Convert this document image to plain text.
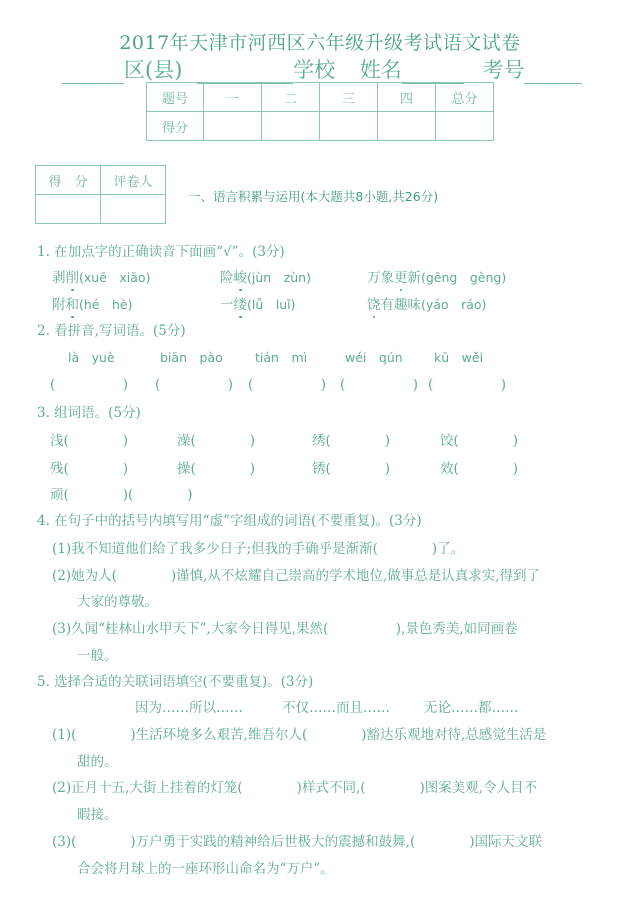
2017年天津市河西区六年级升级考试语文试卷
区(县)	学校 姓名	考号
题号	一	二	三	四	总分
得分					
得　分	评卷人

一、语言积累与运用(本大题共8小题,共26分)
1. 在加点字的正确读音下面画“√”。(3分)
剥削(xuē　xiāo)	险峻(jùn　zùn)	万象更新(gēng　gèng)
附和(hé　hè)	一缕(lǚ　luǐ)	饶有趣味(yáo　ráo)
2. 看拼音,写词语。(5分)
là　yuè	biān　pào	tián　mì	wéi　qún	kū　wěi
(　　　　　) (　　　　　) (　　　　　) (　　　　　) (　　　　　)
3. 组词语。(5分)
浅(　　　　)	澡(　　　　)	绣(　　　　)	饺(　　　　)
残(　　　　)	操(　　　　)	锈(　　　　)	效(　　　　)
顽(　　　　)(　　　　)
4. 在句子中的括号内填写用“虚”字组成的词语(不要重复)。(3分)
(1)我不知道他们给了我多少日子;但我的手确乎是渐渐(　　　　)了。
(2)她为人(　　　　)谨慎,从不炫耀自己崇高的学术地位,做事总是认真求实,得到了
大家的尊敬。
(3)久闻“桂林山水甲天下”,大家今日得见,果然(　　　　　),景色秀美,如同画卷
一般。
5. 选择合适的关联词语填空(不要重复)。(3分)
因为……所以……	不仅……而且……	无论……都……
(1)(　　　　)生活环境多么艰苦,维吾尔人(　　　　)豁达乐观地对待,总感觉生活是
甜的。
(2)正月十五,大街上挂着的灯笼(　　　　)样式不同,(　　　　)图案美观,令人目不
暇接。
(3)(　　　　)万户勇于实践的精神给后世极大的震撼和鼓舞,(　　　　)国际天文联
合会将月球上的一座环形山命名为“万户”。
